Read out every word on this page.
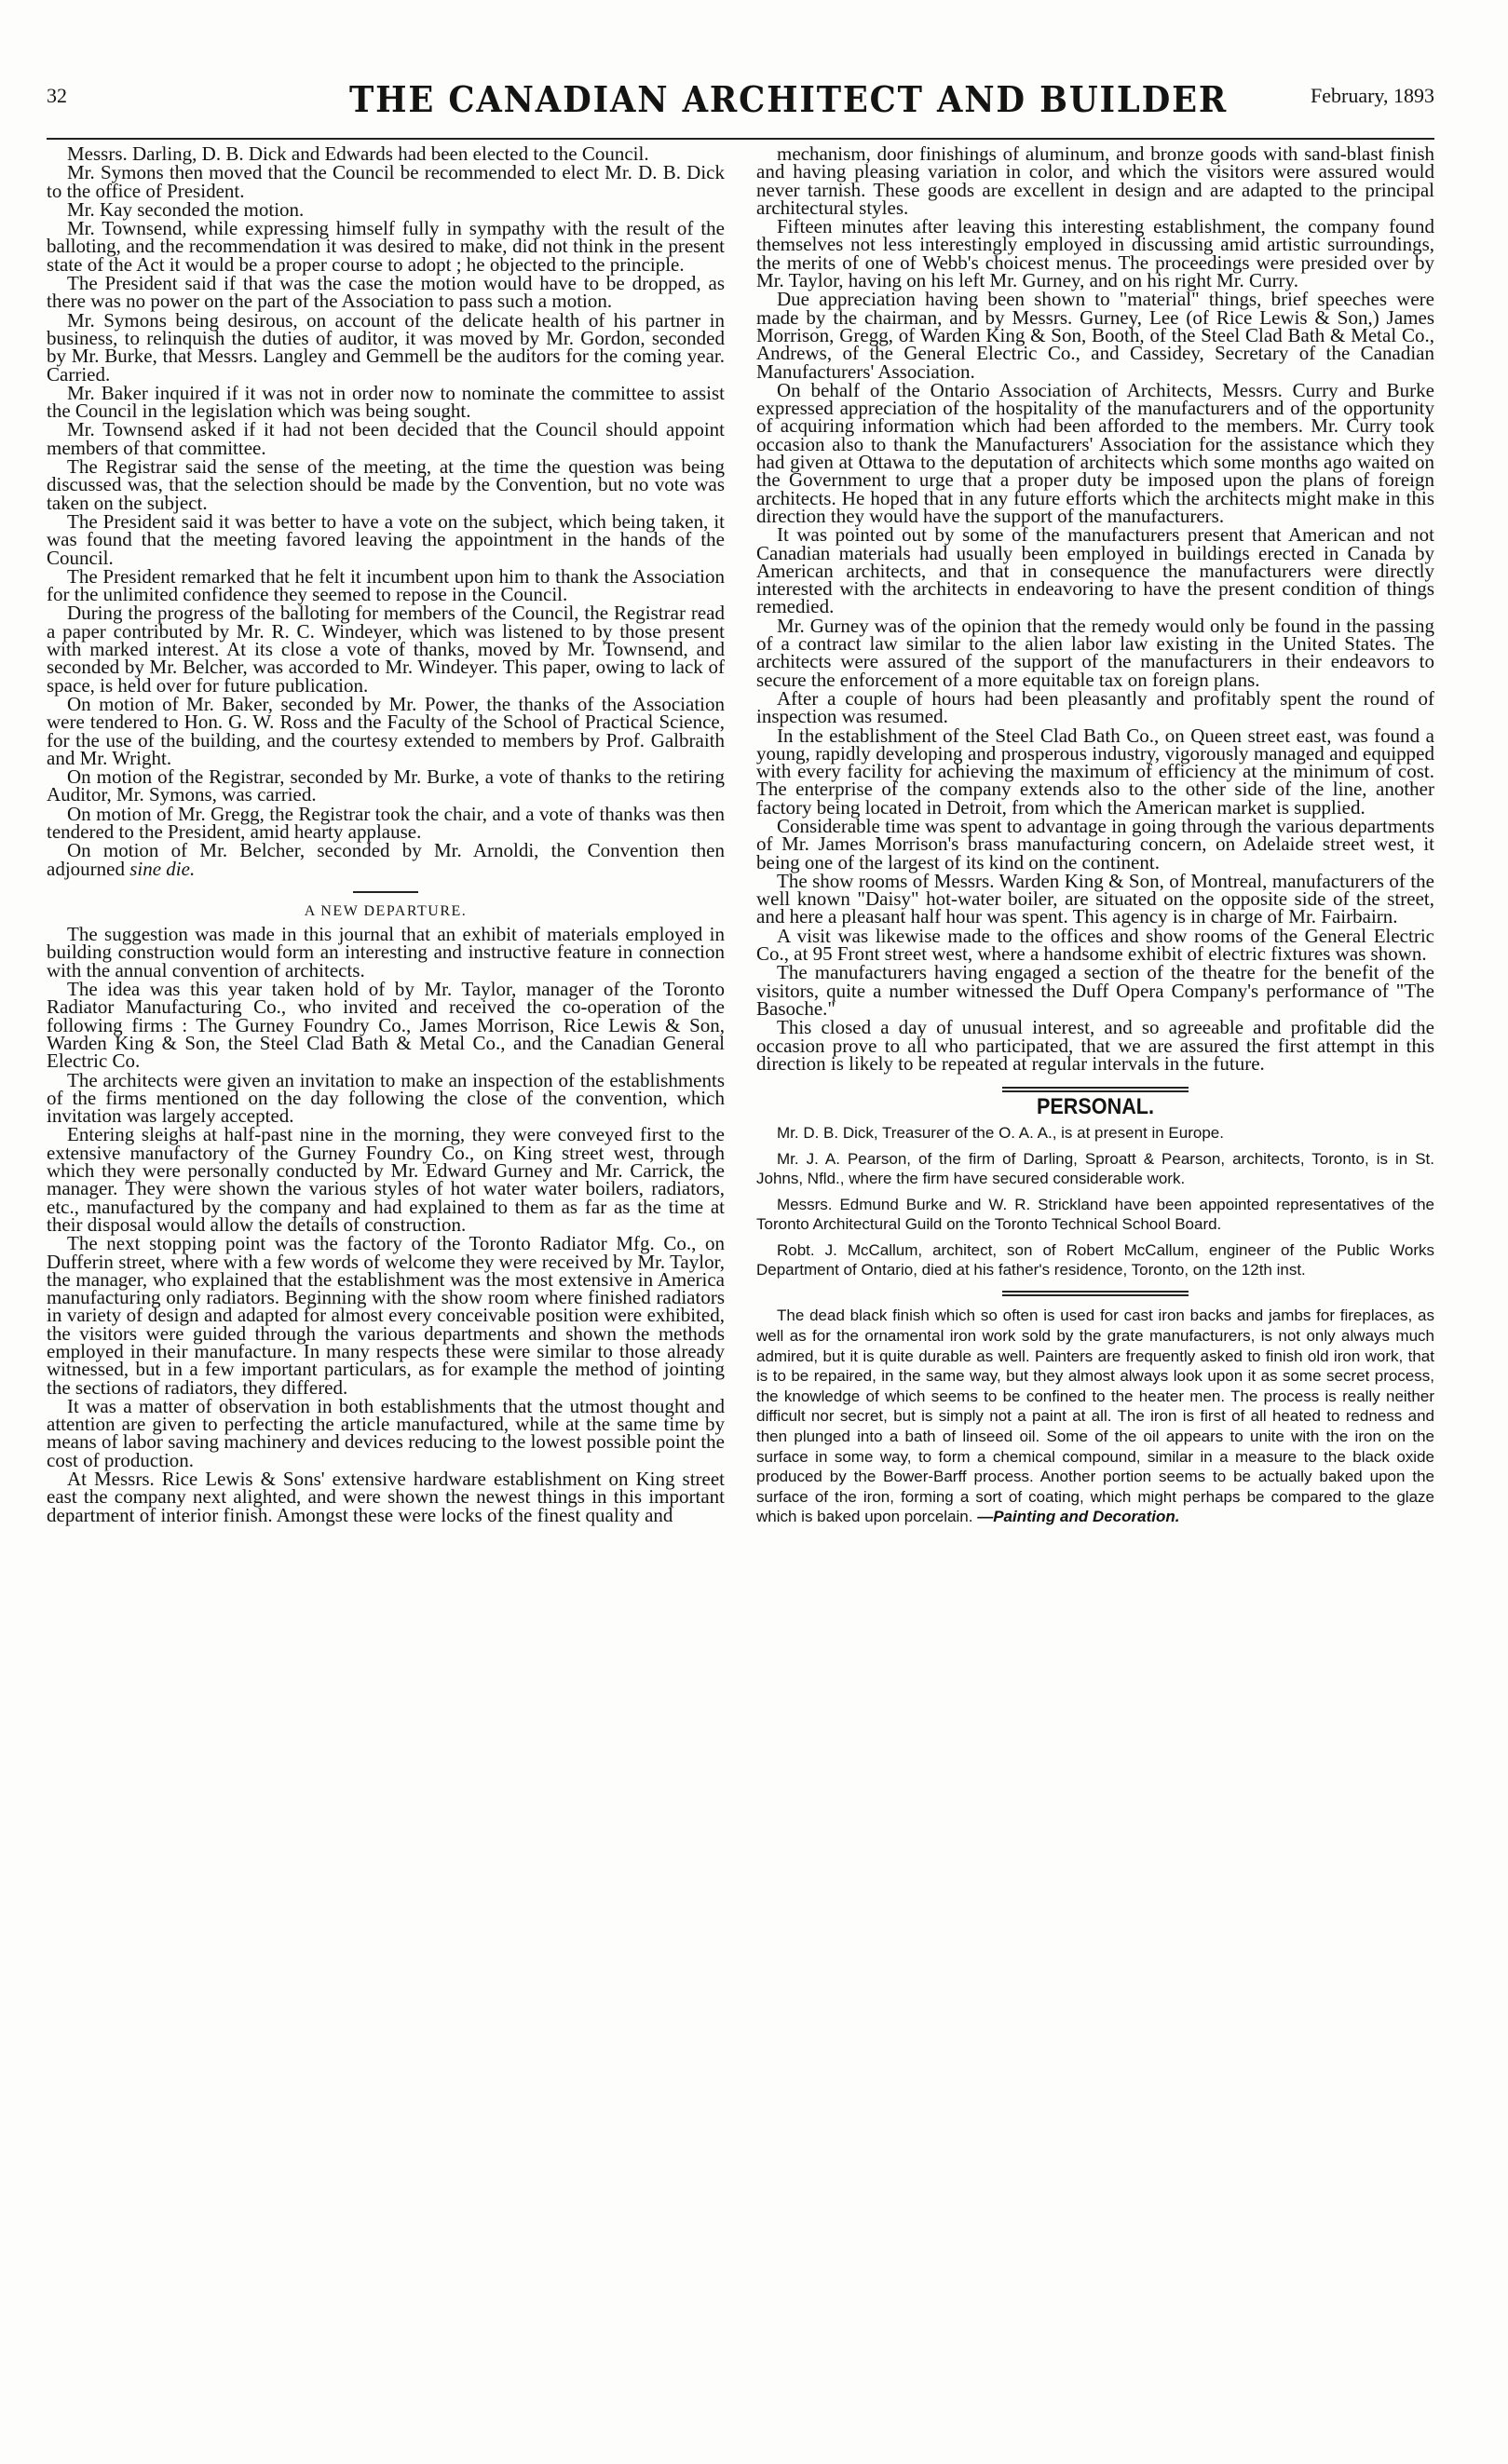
32	THE CANADIAN ARCHITECT AND BUILDER	February, 1893

Messrs. Darling, D. B. Dick and Edwards had been elected to the Council.

Mr. Symons then moved that the Council be recommended to elect Mr. D. B. Dick to the office of President.

Mr. Kay seconded the motion.

Mr. Townsend, while expressing himself fully in sympathy with the result of the balloting, and the recommendation it was desired to make, did not think in the present state of the Act it would be a proper course to adopt ; he objected to the principle.

The President said if that was the case the motion would have to be dropped, as there was no power on the part of the Association to pass such a motion.

Mr. Symons being desirous, on account of the delicate health of his partner in business, to relinquish the duties of auditor, it was moved by Mr. Gordon, seconded by Mr. Burke, that Messrs. Langley and Gemmell be the auditors for the coming year. Carried.

Mr. Baker inquired if it was not in order now to nominate the committee to assist the Council in the legislation which was being sought.

Mr. Townsend asked if it had not been decided that the Council should appoint members of that committee.

The Registrar said the sense of the meeting, at the time the question was being discussed was, that the selection should be made by the Convention, but no vote was taken on the subject.

The President said it was better to have a vote on the subject, which being taken, it was found that the meeting favored leaving the appointment in the hands of the Council.

The President remarked that he felt it incumbent upon him to thank the Association for the unlimited confidence they seemed to repose in the Council.

During the progress of the balloting for members of the Council, the Registrar read a paper contributed by Mr. R. C. Windeyer, which was listened to by those present with marked interest. At its close a vote of thanks, moved by Mr. Townsend, and seconded by Mr. Belcher, was accorded to Mr. Windeyer. This paper, owing to lack of space, is held over for future publication.

On motion of Mr. Baker, seconded by Mr. Power, the thanks of the Association were tendered to Hon. G. W. Ross and the Faculty of the School of Practical Science, for the use of the building, and the courtesy extended to members by Prof. Galbraith and Mr. Wright.

On motion of the Registrar, seconded by Mr. Burke, a vote of thanks to the retiring Auditor, Mr. Symons, was carried.

On motion of Mr. Gregg, the Registrar took the chair, and a vote of thanks was then tendered to the President, amid hearty applause.

On motion of Mr. Belcher, seconded by Mr. Arnoldi, the Convention then adjourned sine die.

A NEW DEPARTURE.

The suggestion was made in this journal that an exhibit of materials employed in building construction would form an interesting and instructive feature in connection with the annual convention of architects.

The idea was this year taken hold of by Mr. Taylor, manager of the Toronto Radiator Manufacturing Co., who invited and received the co-operation of the following firms : The Gurney Foundry Co., James Morrison, Rice Lewis & Son, Warden King & Son, the Steel Clad Bath & Metal Co., and the Canadian General Electric Co.

The architects were given an invitation to make an inspection of the establishments of the firms mentioned on the day following the close of the convention, which invitation was largely accepted.

Entering sleighs at half-past nine in the morning, they were conveyed first to the extensive manufactory of the Gurney Foundry Co., on King street west, through which they were personally conducted by Mr. Edward Gurney and Mr. Carrick, the manager. They were shown the various styles of hot water water boilers, radiators, etc., manufactured by the company and had explained to them as far as the time at their disposal would allow the details of construction.

The next stopping point was the factory of the Toronto Radiator Mfg. Co., on Dufferin street, where with a few words of welcome they were received by Mr. Taylor, the manager, who explained that the establishment was the most extensive in America manufacturing only radiators. Beginning with the show room where finished radiators in variety of design and adapted for almost every conceivable position were exhibited, the visitors were guided through the various departments and shown the methods employed in their manufacture. In many respects these were similar to those already witnessed, but in a few important particulars, as for example the method of jointing the sections of radiators, they differed.

It was a matter of observation in both establishments that the utmost thought and attention are given to perfecting the article manufactured, while at the same time by means of labor saving machinery and devices reducing to the lowest possible point the cost of production.

At Messrs. Rice Lewis & Sons' extensive hardware establishment on King street east the company next alighted, and were shown the newest things in this important department of interior finish. Amongst these were locks of the finest quality and

mechanism, door finishings of aluminum, and bronze goods with sand-blast finish and having pleasing variation in color, and which the visitors were assured would never tarnish. These goods are excellent in design and are adapted to the principal architectural styles.

Fifteen minutes after leaving this interesting establishment, the company found themselves not less interestingly employed in discussing amid artistic surroundings, the merits of one of Webb's choicest menus. The proceedings were presided over by Mr. Taylor, having on his left Mr. Gurney, and on his right Mr. Curry.

Due appreciation having been shown to "material" things, brief speeches were made by the chairman, and by Messrs. Gurney, Lee (of Rice Lewis & Son,) James Morrison, Gregg, of Warden King & Son, Booth, of the Steel Clad Bath & Metal Co., Andrews, of the General Electric Co., and Cassidey, Secretary of the Canadian Manufacturers' Association.

On behalf of the Ontario Association of Architects, Messrs. Curry and Burke expressed appreciation of the hospitality of the manufacturers and of the opportunity of acquiring information which had been afforded to the members. Mr. Curry took occasion also to thank the Manufacturers' Association for the assistance which they had given at Ottawa to the deputation of architects which some months ago waited on the Government to urge that a proper duty be imposed upon the plans of foreign architects. He hoped that in any future efforts which the architects might make in this direction they would have the support of the manufacturers.

It was pointed out by some of the manufacturers present that American and not Canadian materials had usually been employed in buildings erected in Canada by American architects, and that in consequence the manufacturers were directly interested with the architects in endeavoring to have the present condition of things remedied.

Mr. Gurney was of the opinion that the remedy would only be found in the passing of a contract law similar to the alien labor law existing in the United States. The architects were assured of the support of the manufacturers in their endeavors to secure the enforcement of a more equitable tax on foreign plans.

After a couple of hours had been pleasantly and profitably spent the round of inspection was resumed.

In the establishment of the Steel Clad Bath Co., on Queen street east, was found a young, rapidly developing and prosperous industry, vigorously managed and equipped with every facility for achieving the maximum of efficiency at the minimum of cost. The enterprise of the company extends also to the other side of the line, another factory being located in Detroit, from which the American market is supplied.

Considerable time was spent to advantage in going through the various departments of Mr. James Morrison's brass manufacturing concern, on Adelaide street west, it being one of the largest of its kind on the continent.

The show rooms of Messrs. Warden King & Son, of Montreal, manufacturers of the well known "Daisy" hot-water boiler, are situated on the opposite side of the street, and here a pleasant half hour was spent. This agency is in charge of Mr. Fairbairn.

A visit was likewise made to the offices and show rooms of the General Electric Co., at 95 Front street west, where a handsome exhibit of electric fixtures was shown.

The manufacturers having engaged a section of the theatre for the benefit of the visitors, quite a number witnessed the Duff Opera Company's performance of "The Basoche."

This closed a day of unusual interest, and so agreeable and profitable did the occasion prove to all who participated, that we are assured the first attempt in this direction is likely to be repeated at regular intervals in the future.

PERSONAL.

Mr. D. B. Dick, Treasurer of the O. A. A., is at present in Europe.

Mr. J. A. Pearson, of the firm of Darling, Sproatt & Pearson, architects, Toronto, is in St. Johns, Nfld., where the firm have secured considerable work.

Messrs. Edmund Burke and W. R. Strickland have been appointed representatives of the Toronto Architectural Guild on the Toronto Technical School Board.

Robt. J. McCallum, architect, son of Robert McCallum, engineer of the Public Works Department of Ontario, died at his father's residence, Toronto, on the 12th inst.

The dead black finish which so often is used for cast iron backs and jambs for fireplaces, as well as for the ornamental iron work sold by the grate manufacturers, is not only always much admired, but it is quite durable as well. Painters are frequently asked to finish old iron work, that is to be repaired, in the same way, but they almost always look upon it as some secret process, the knowledge of which seems to be confined to the heater men. The process is really neither difficult nor secret, but is simply not a paint at all. The iron is first of all heated to redness and then plunged into a bath of linseed oil. Some of the oil appears to unite with the iron on the surface in some way, to form a chemical compound, similar in a measure to the black oxide produced by the Bower-Barff process. Another portion seems to be actually baked upon the surface of the iron, forming a sort of coating, which might perhaps be compared to the glaze which is baked upon porcelain. —Painting and Decoration.
